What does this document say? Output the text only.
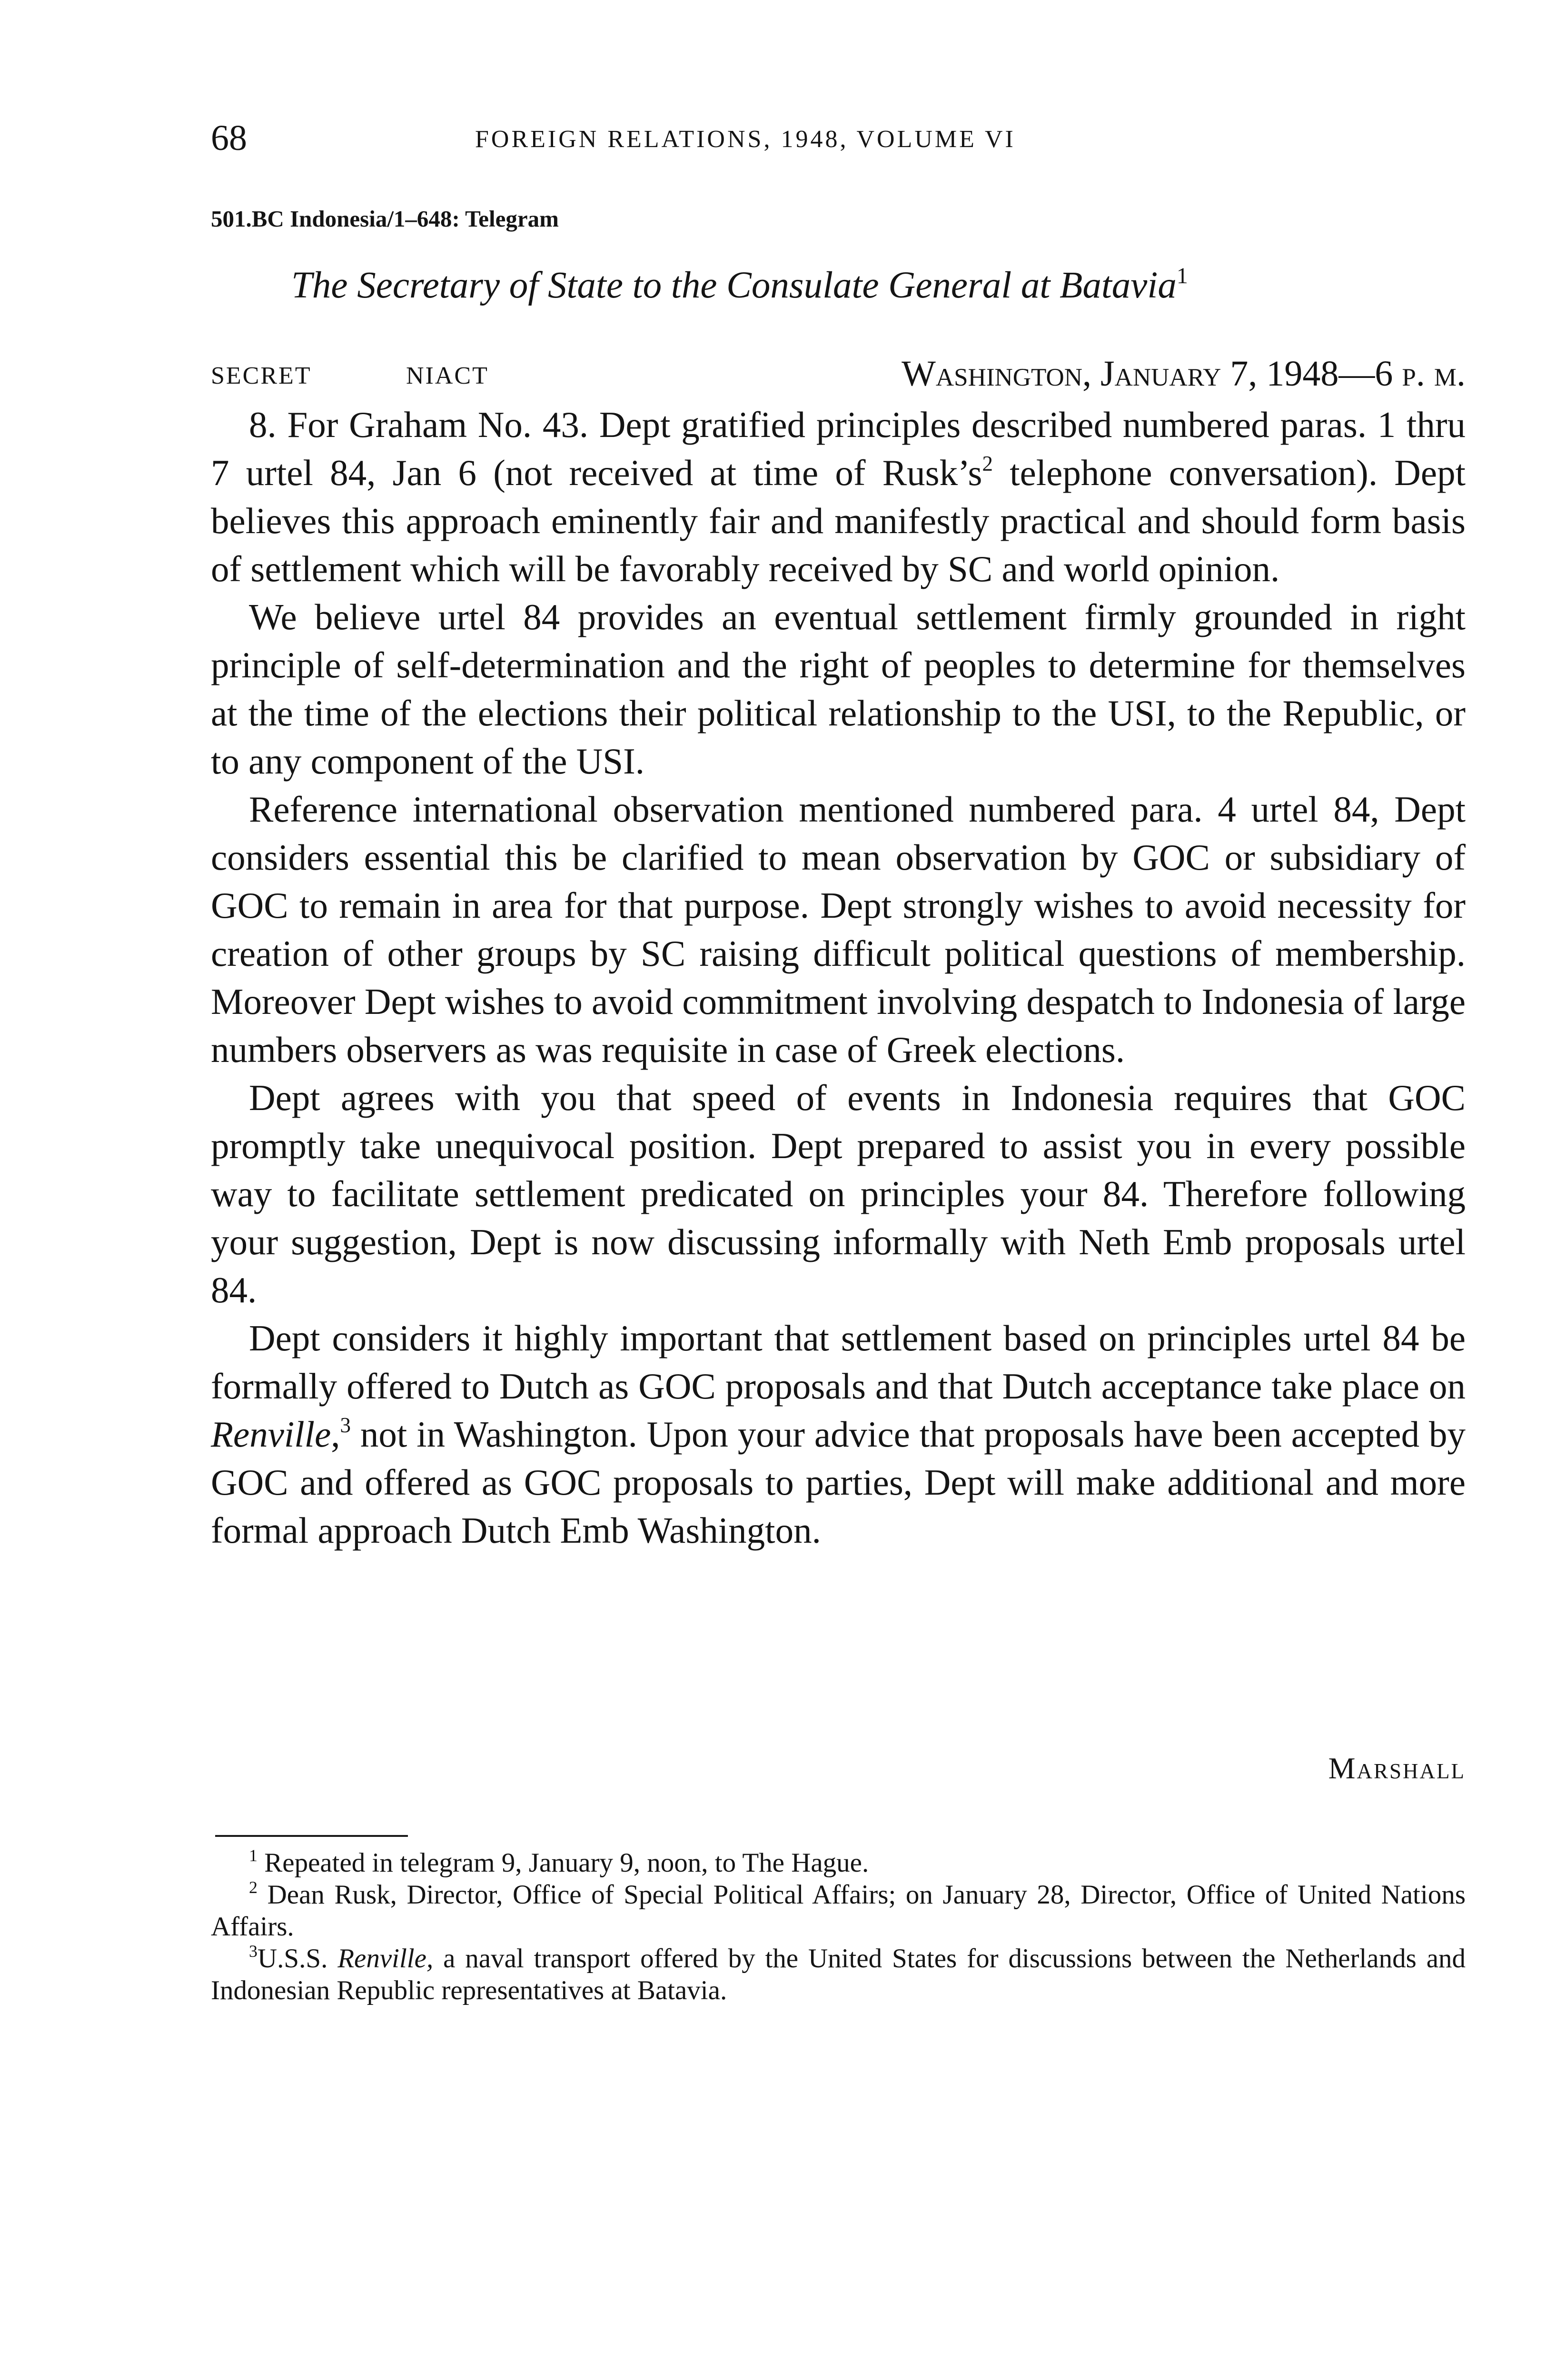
68	FOREIGN RELATIONS, 1948, VOLUME VI
501.BC Indonesia/1–648: Telegram
The Secretary of State to the Consulate General at Batavia$^1$
SECRET	NIACT	Washington, January 7, 1948—6 p. m.

8. For Graham No. 43. Dept gratified principles described numbered paras. 1 thru 7 urtel 84, Jan 6 (not received at time of $Rusk’s^2$ telephone conversation). Dept believes this approach eminently fair and manifestly practical and should form basis of settlement which will be favorably received by SC and world opinion.

We believe urtel 84 provides an eventual settlement firmly grounded in right principle of self-determination and the right of peoples to determine for themselves at the time of the elections their political relationship to the USI, to the Republic, or to any component of the USI.

Reference international observation mentioned numbered para. 4 urtel 84, Dept considers essential this be clarified to mean observation by GOC or subsidiary of GOC to remain in area for that purpose. Dept strongly wishes to avoid necessity for creation of other groups by SC raising difficult political questions of membership. Moreover Dept wishes to avoid commitment involving despatch to Indonesia of large numbers observers as was requisite in case of Greek elections.

Dept agrees with you that speed of events in Indonesia requires that GOC promptly take unequivocal position. Dept prepared to assist you in every possible way to facilitate settlement predicated on principles your 84. Therefore following your suggestion, Dept is now discussing informally with Neth Emb proposals urtel 84.

Dept considers it highly important that settlement based on principles urtel 84 be formally offered to Dutch as GOC proposals and that Dutch acceptance take place on Renville,$^3$ not in Washington. Upon your advice that proposals have been accepted by GOC and offered as GOC proposals to parties, Dept will make additional and more formal approach Dutch Emb Washington.

Marshall

$^1$ Repeated in telegram 9, January 9, noon, to The Hague.

$^2$ Dean Rusk, Director, Office of Special Political Affairs; on January 28, Director, Office of United Nations Affairs.

$^3$U.S.S. Renville, a naval transport offered by the United States for discussions between the Netherlands and Indonesian Republic representatives at Batavia.
